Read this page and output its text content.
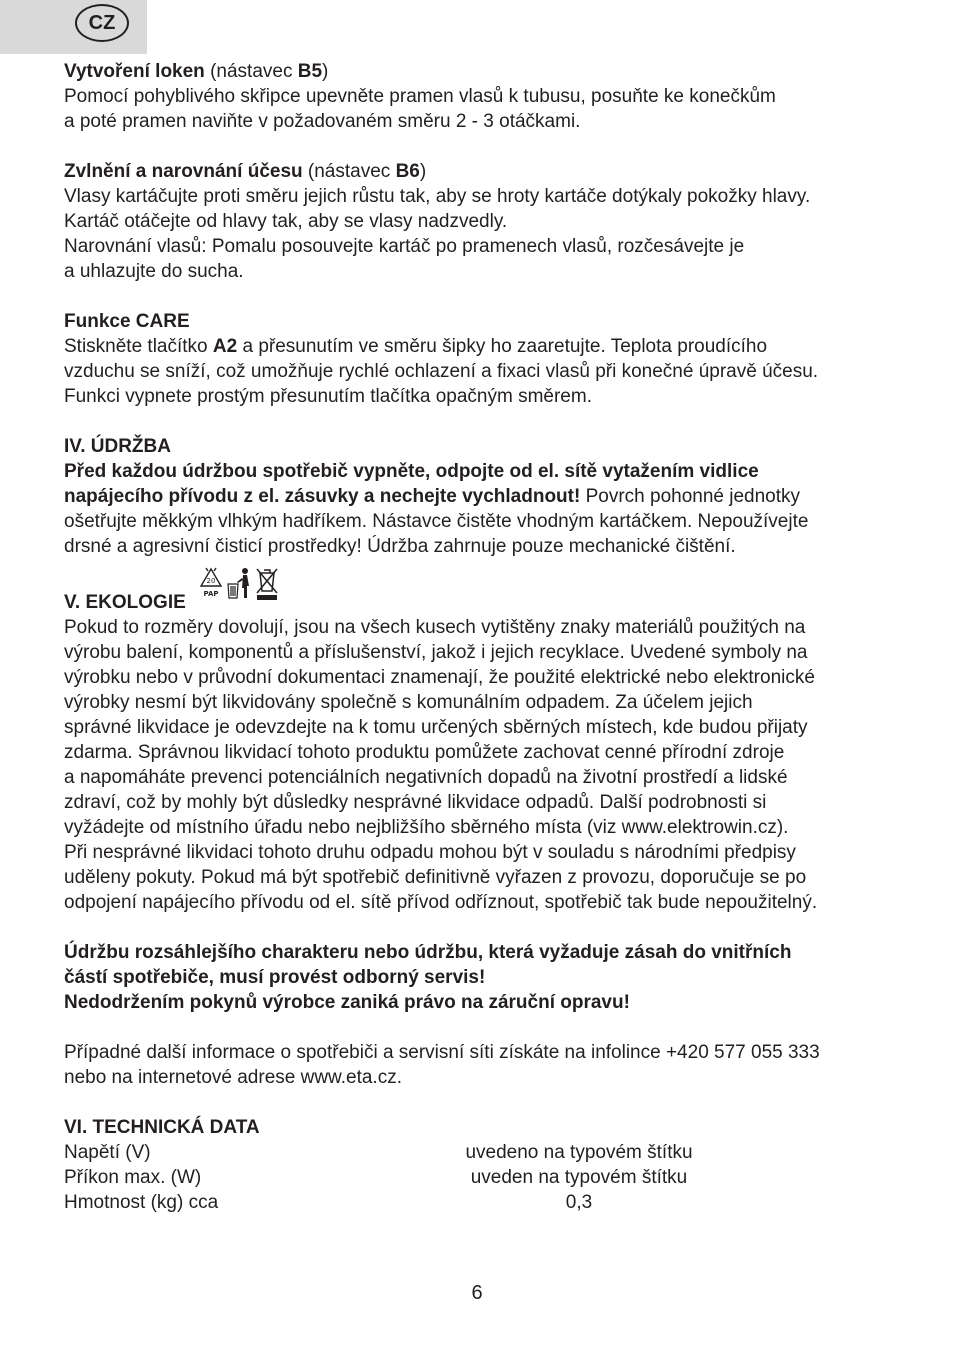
CZ

Vytvoření loken (nástavec B5)

Pomocí pohyblivého skřipce upevněte pramen vlasů k tubusu, posuňte ke konečkům

a poté pramen naviňte v požadovaném směru 2 - 3 otáčkami.

Zvlnění a narovnání účesu (nástavec B6)

Vlasy kartáčujte proti směru jejich růstu tak, aby se hroty kartáče dotýkaly pokožky hlavy.

Kartáč otáčejte od hlavy tak, aby se vlasy nadzvedly.

Narovnání vlasů: Pomalu posouvejte kartáč po pramenech vlasů, rozčesávejte je

a uhlazujte do sucha.

Funkce CARE

Stiskněte tlačítko A2 a přesunutím ve směru šipky ho zaaretujte. Teplota proudícího

vzduchu se sníží, což umožňuje rychlé ochlazení a fixaci vlasů při konečné úpravě účesu.

Funkci vypnete prostým přesunutím tlačítka opačným směrem.

IV. ÚDRŽBA

Před každou údržbou spotřebič vypněte, odpojte od el. sítě vytažením vidlice

napájecího přívodu z el. zásuvky a nechejte vychladnout! Povrch pohonné jednotky

ošetřujte měkkým vlhkým hadříkem. Nástavce čistěte vhodným kartáčkem. Nepoužívejte

drsné a agresivní čisticí prostředky! Údržba zahrnuje pouze mechanické čištění.

V. EKOLOGIE
20
PAP

Pokud to rozměry dovolují, jsou na všech kusech vytištěny znaky materiálů použitých na

výrobu balení, komponentů a příslušenství, jakož i jejich recyklace. Uvedené symboly na

výrobku nebo v průvodní dokumentaci znamenají, že použité elektrické nebo elektronické

výrobky nesmí být likvidovány společně s komunálním odpadem. Za účelem jejich

správné likvidace je odevzdejte na k tomu určených sběrných místech, kde budou přijaty

zdarma. Správnou likvidací tohoto produktu pomůžete zachovat cenné přírodní zdroje

a napomáháte prevenci potenciálních negativních dopadů na životní prostředí a lidské

zdraví, což by mohly být důsledky nesprávné likvidace odpadů. Další podrobnosti si

vyžádejte od místního úřadu nebo nejbližšího sběrného místa (viz www.elektrowin.cz).

Při nesprávné likvidaci tohoto druhu odpadu mohou být v souladu s národními předpisy

uděleny pokuty. Pokud má být spotřebič definitivně vyřazen z provozu, doporučuje se po

odpojení napájecího přívodu od el. sítě přívod odříznout, spotřebič tak bude nepoužitelný.

Údržbu rozsáhlejšího charakteru nebo údržbu, která vyžaduje zásah do vnitřních

částí spotřebiče, musí provést odborný servis!

Nedodržením pokynů výrobce zaniká právo na záruční opravu!

Případné další informace o spotřebiči a servisní síti získáte na infolince +420 577 055 333

nebo na internetové adrese www.eta.cz.

VI. TECHNICKÁ DATA

Napětí (V)	uvedeno na typovém štítku
Příkon max. (W)	uveden na typovém štítku
Hmotnost (kg) cca	0,3
6
